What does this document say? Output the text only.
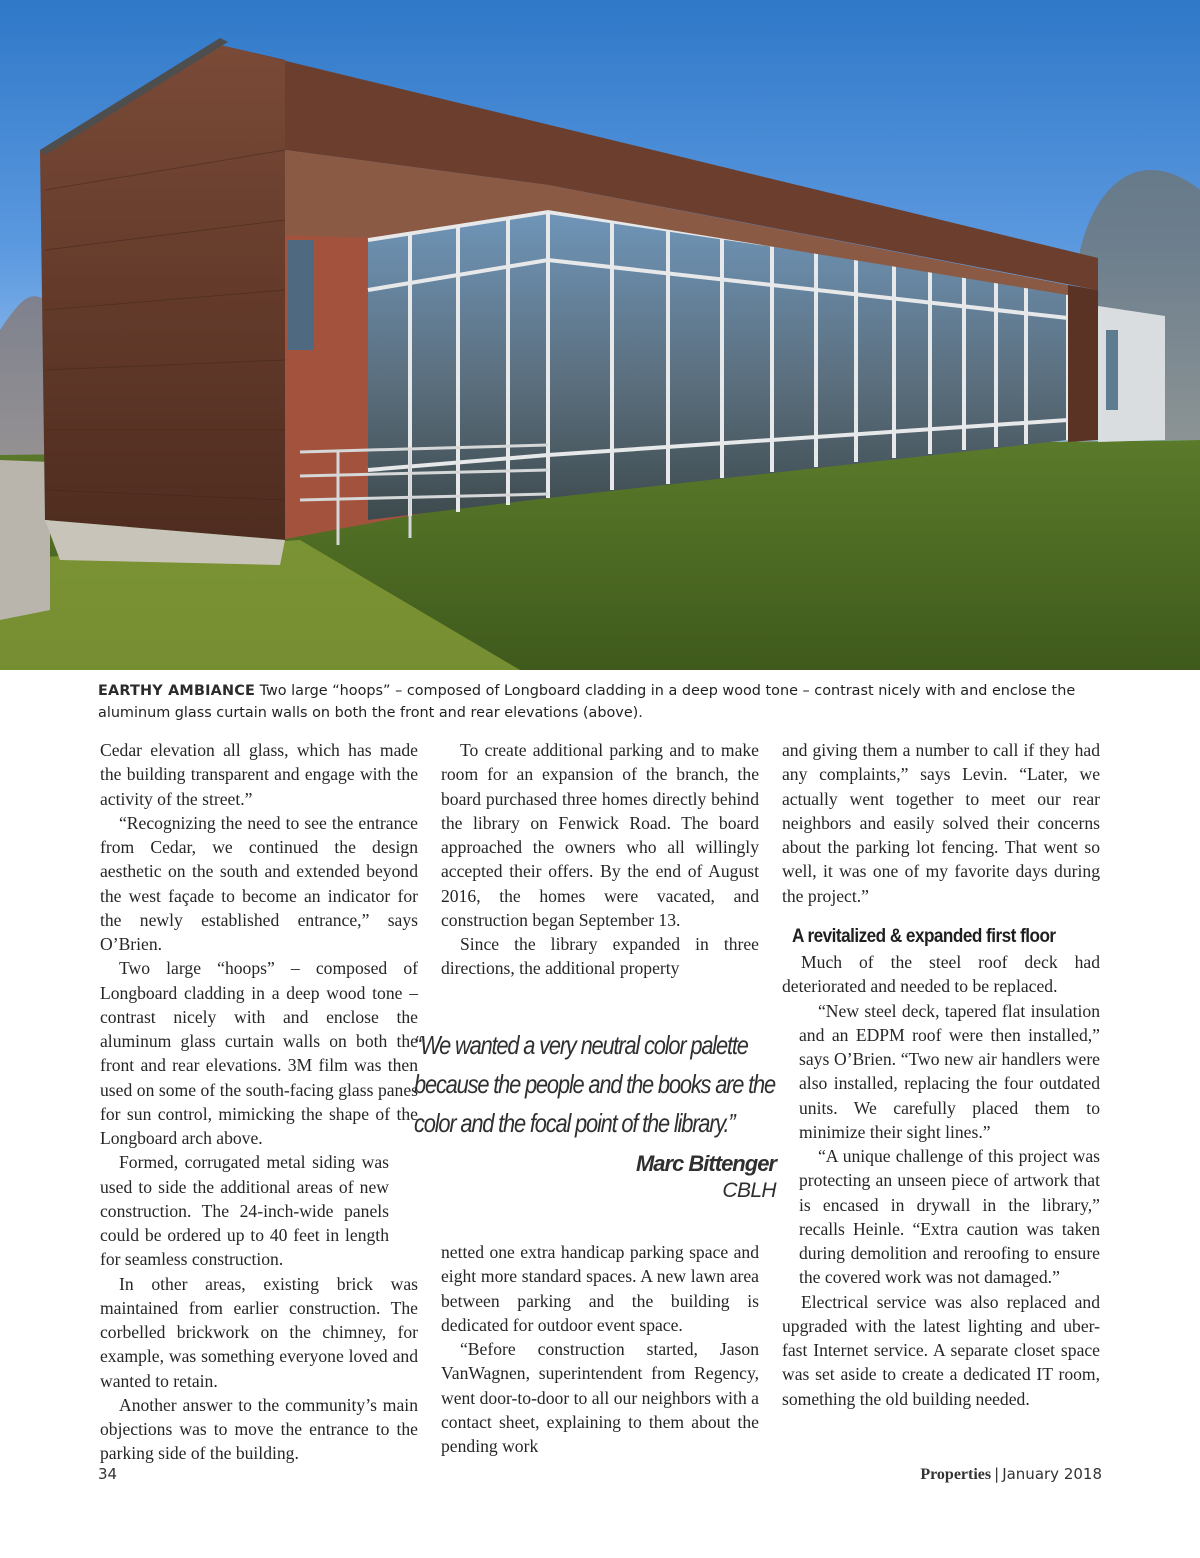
EARTHY AMBIANCE Two large “hoops” – composed of Longboard cladding in a deep wood tone – contrast nicely with and enclose the aluminum glass curtain walls on both the front and rear elevations (above).

Cedar elevation all glass, which has made the building transparent and engage with the activity of the street.”

“Recognizing the need to see the entrance from Cedar, we continued the design aesthetic on the south and extended beyond the west façade to become an indicator for the newly established entrance,” says O’Brien.

Two large “hoops” – composed of Longboard cladding in a deep wood tone – contrast nicely with and enclose the aluminum glass curtain walls on both the front and rear elevations. 3M film was then used on some of the south-facing glass panes for sun control, mimicking the shape of the Longboard arch above.

Formed, corrugated metal siding was used to side the additional areas of new construction. The 24-inch-wide panels could be ordered up to 40 feet in length for seamless construction.

In other areas, existing brick was maintained from earlier construction. The corbelled brickwork on the chimney, for example, was something everyone loved and wanted to retain.

Another answer to the community’s main objections was to move the entrance to the parking side of the building.

To create additional parking and to make room for an expansion of the branch, the board purchased three homes directly behind the library on Fenwick Road. The board approached the owners who all willingly accepted their offers. By the end of August 2016, the homes were vacated, and construction began September 13.

Since the library expanded in three directions, the additional property

“We wanted a very neutral color palette because the people and the books are the color and the focal point of the library.”
Marc Bittenger
CBLH

netted one extra handicap parking space and eight more standard spaces. A new lawn area between parking and the building is dedicated for outdoor event space.

“Before construction started, Jason VanWagnen, superintendent from Regency, went door-to-door to all our neighbors with a contact sheet, explaining to them about the pending work

and giving them a number to call if they had any complaints,” says Levin. “Later, we actually went together to meet our rear neighbors and easily solved their concerns about the parking lot fencing. That went so well, it was one of my favorite days during the project.”

A revitalized & expanded first floor

Much of the steel roof deck had deteriorated and needed to be replaced.

“New steel deck, tapered flat insulation and an EDPM roof were then installed,” says O’Brien. “Two new air handlers were also installed, replacing the four outdated units. We carefully placed them to minimize their sight lines.”

“A unique challenge of this project was protecting an unseen piece of artwork that is encased in drywall in the library,” recalls Heinle. “Extra caution was taken during demolition and reroofing to ensure the covered work was not damaged.”

Electrical service was also replaced and upgraded with the latest lighting and uber-fast Internet service. A separate closet space was set aside to create a dedicated IT room, something the old building needed.

34	Properties | January 2018
